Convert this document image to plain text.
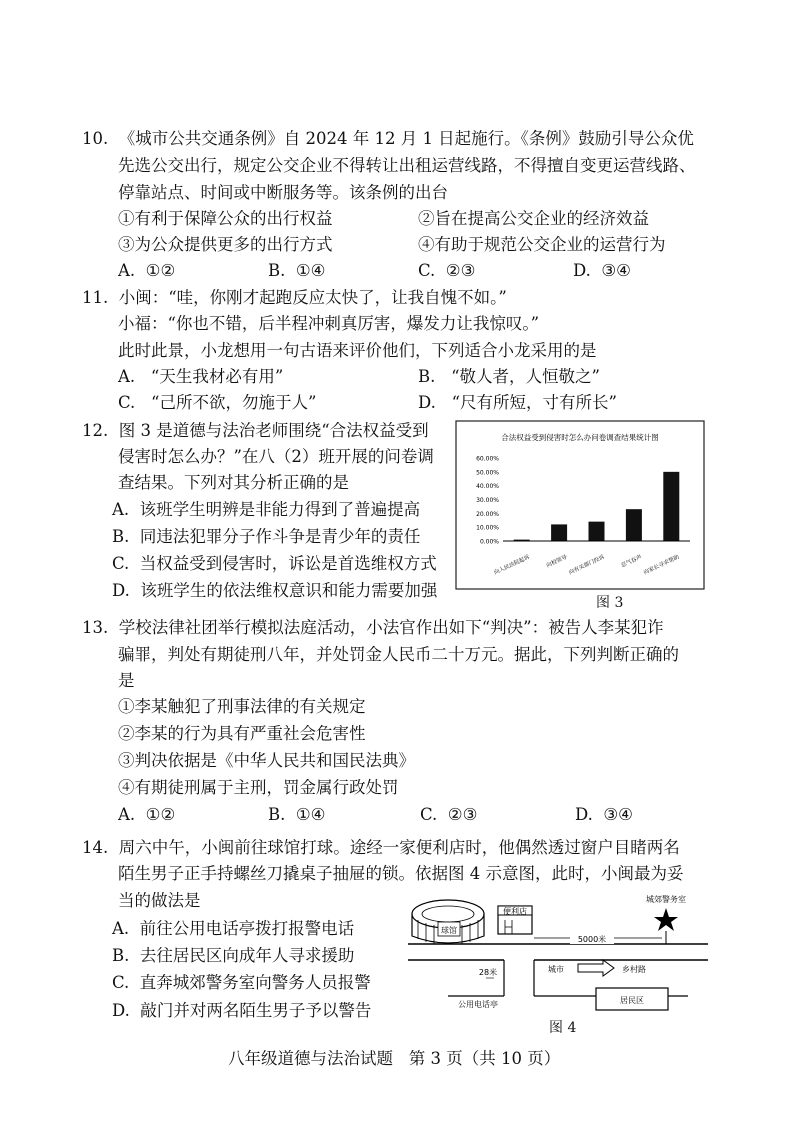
10.  《城市公共交通条例》自 2024 年 12 月 1 日起施行。《条例》鼓励引导公众优
先选公交出行，规定公交企业不得转让出租运营线路，不得擅自变更运营线路、
停靠站点、时间或中断服务等。该条例的出台
①有利于保障公众的出行权益	②旨在提高公交企业的经济效益
③为公众提供更多的出行方式	④有助于规范公交企业的运营行为
A.  ①②	B.  ①④	C.  ②③	D.  ③④
11.  小闽：“哇，你刚才起跑反应太快了，让我自愧不如。”
小福：“你也不错，后半程冲刺真厉害，爆发力让我惊叹。”
此时此景，小龙想用一句古语来评价他们，下列适合小龙采用的是
A.   “天生我材必有用”	B.   “敬人者，人恒敬之”
C.   “己所不欲，勿施于人”	D.   “尺有所短，寸有所长”
12.  图 3 是道德与法治老师围绕“合法权益受到
侵害时怎么办？”在八（2）班开展的问卷调
查结果。下列对其分析正确的是
A.  该班学生明辨是非能力得到了普遍提高
B.  同违法犯罪分子作斗争是青少年的责任
C.  当权益受到侵害时，诉讼是首选维权方式
D.  该班学生的依法维权意识和能力需要加强
合法权益受到侵害时怎么办问卷调查结果统计图
0.00%
10.00%
20.00%
30.00%
40.00%
50.00%
60.00%
向人民法院起诉	向校领导 向有关部门投诉	忍气吞声 向家长寻求帮助
图 3
13.  学校法律社团举行模拟法庭活动，小法官作出如下“判决”：被告人李某犯诈
骗罪，判处有期徒刑八年，并处罚金人民币二十万元。据此，下列判断正确的
是
①李某触犯了刑事法律的有关规定
②李某的行为具有严重社会危害性
③判决依据是《中华人民共和国民法典》
④有期徒刑属于主刑，罚金属行政处罚
A.  ①②	B.  ①④	C.  ②③	D.  ③④
14.  周六中午，小闽前往球馆打球。途经一家便利店时，他偶然透过窗户目睹两名
陌生男子正手持螺丝刀撬桌子抽屉的锁。依据图 4 示意图，此时，小闽最为妥
当的做法是
A.  前往公用电话亭拨打报警电话
B.  去往居民区向成年人寻求援助
C.  直奔城郊警务室向警务人员报警
D.  敲门并对两名陌生男子予以警告
球馆
便利店
5000米
城郊警务室
28米	城市	乡村路
公用电话亭	居民区
图 4
八年级道德与法治试题   第 3 页（共 10 页）
